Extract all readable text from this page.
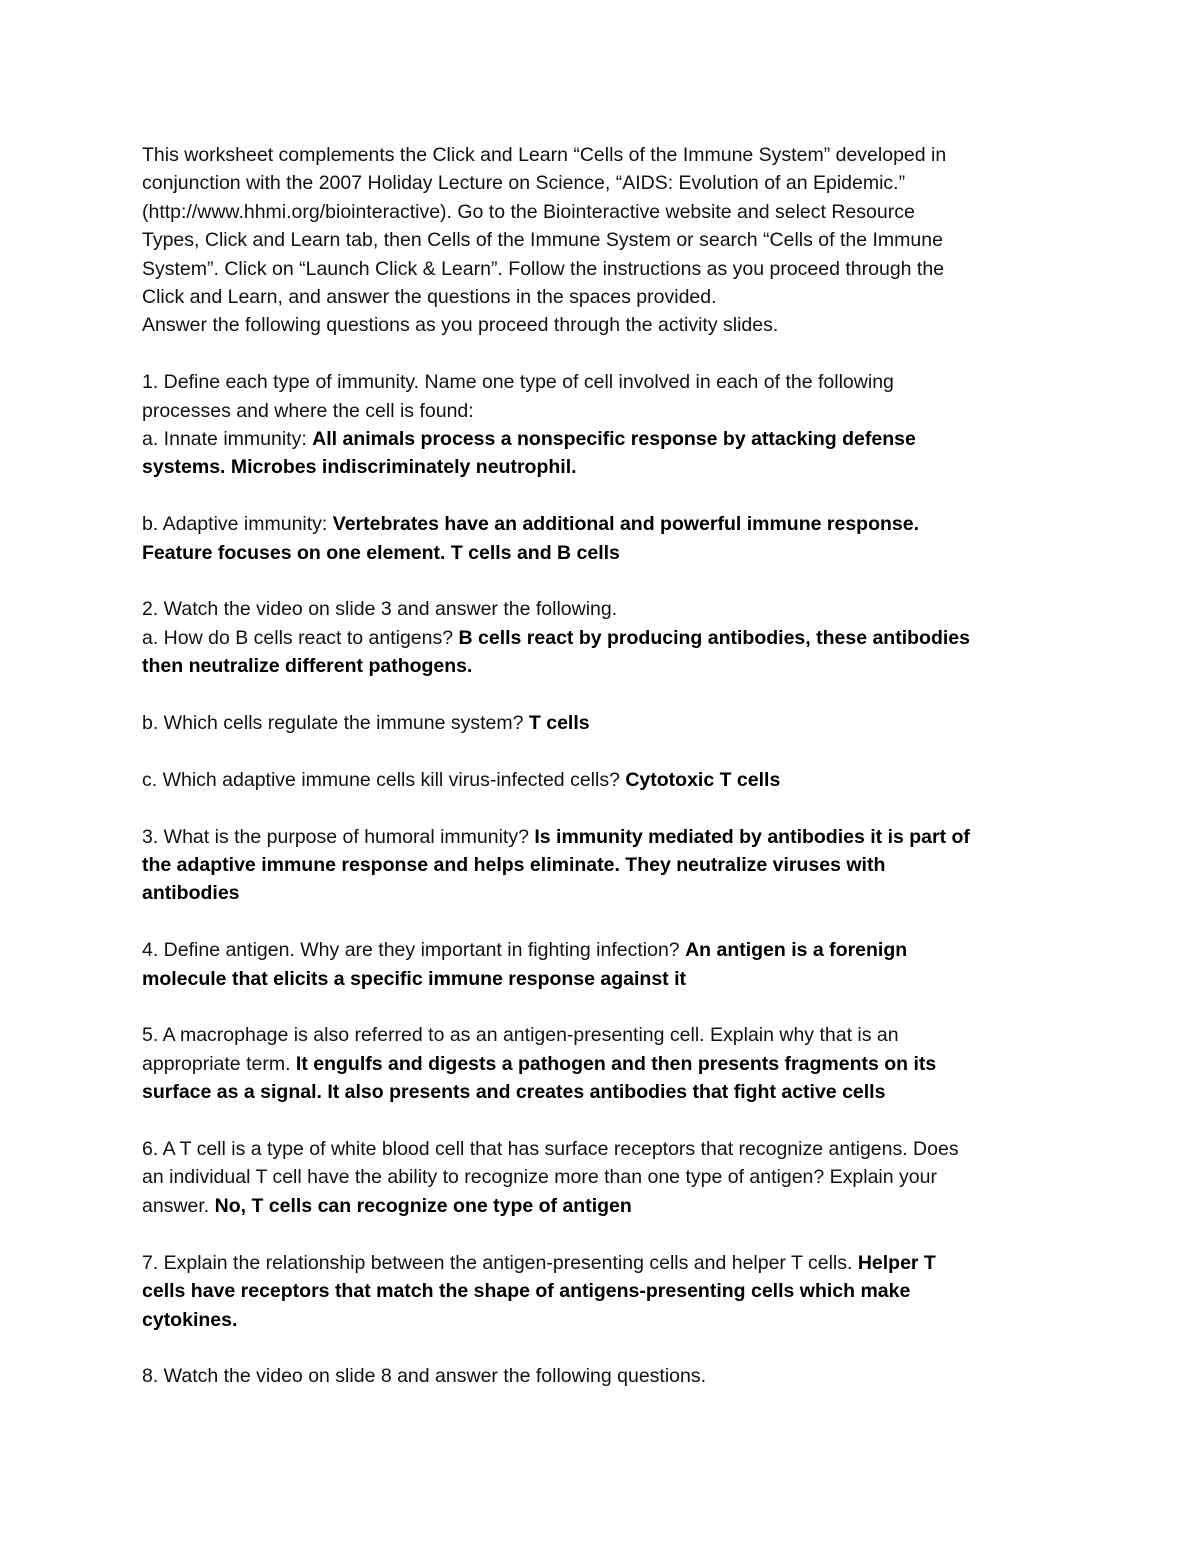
This worksheet complements the Click and Learn “Cells of the Immune System” developed in
conjunction with the 2007 Holiday Lecture on Science, “AIDS: Evolution of an Epidemic.”
(http://www.hhmi.org/biointeractive). Go to the Biointeractive website and select Resource
Types, Click and Learn tab, then Cells of the Immune System or search “Cells of the Immune
System”. Click on “Launch Click & Learn”. Follow the instructions as you proceed through the
Click and Learn, and answer the questions in the spaces provided.
Answer the following questions as you proceed through the activity slides.

1. Define each type of immunity. Name one type of cell involved in each of the following
processes and where the cell is found:
a. Innate immunity: All animals process a nonspecific response by attacking defense
systems. Microbes indiscriminately neutrophil.

b. Adaptive immunity: Vertebrates have an additional and powerful immune response.
Feature focuses on one element. T cells and B cells

2. Watch the video on slide 3 and answer the following.
a. How do B cells react to antigens? B cells react by producing antibodies, these antibodies
then neutralize different pathogens.

b. Which cells regulate the immune system? T cells

c. Which adaptive immune cells kill virus-infected cells? Cytotoxic T cells

3. What is the purpose of humoral immunity? Is immunity mediated by antibodies it is part of
the adaptive immune response and helps eliminate. They neutralize viruses with
antibodies

4. Define antigen. Why are they important in fighting infection? An antigen is a forenign
molecule that elicits a specific immune response against it

5. A macrophage is also referred to as an antigen-presenting cell. Explain why that is an
appropriate term. It engulfs and digests a pathogen and then presents fragments on its
surface as a signal. It also presents and creates antibodies that fight active cells

6. A T cell is a type of white blood cell that has surface receptors that recognize antigens. Does
an individual T cell have the ability to recognize more than one type of antigen? Explain your
answer. No, T cells can recognize one type of antigen

7. Explain the relationship between the antigen-presenting cells and helper T cells. Helper T
cells have receptors that match the shape of antigens-presenting cells which make
cytokines.

8. Watch the video on slide 8 and answer the following questions.
